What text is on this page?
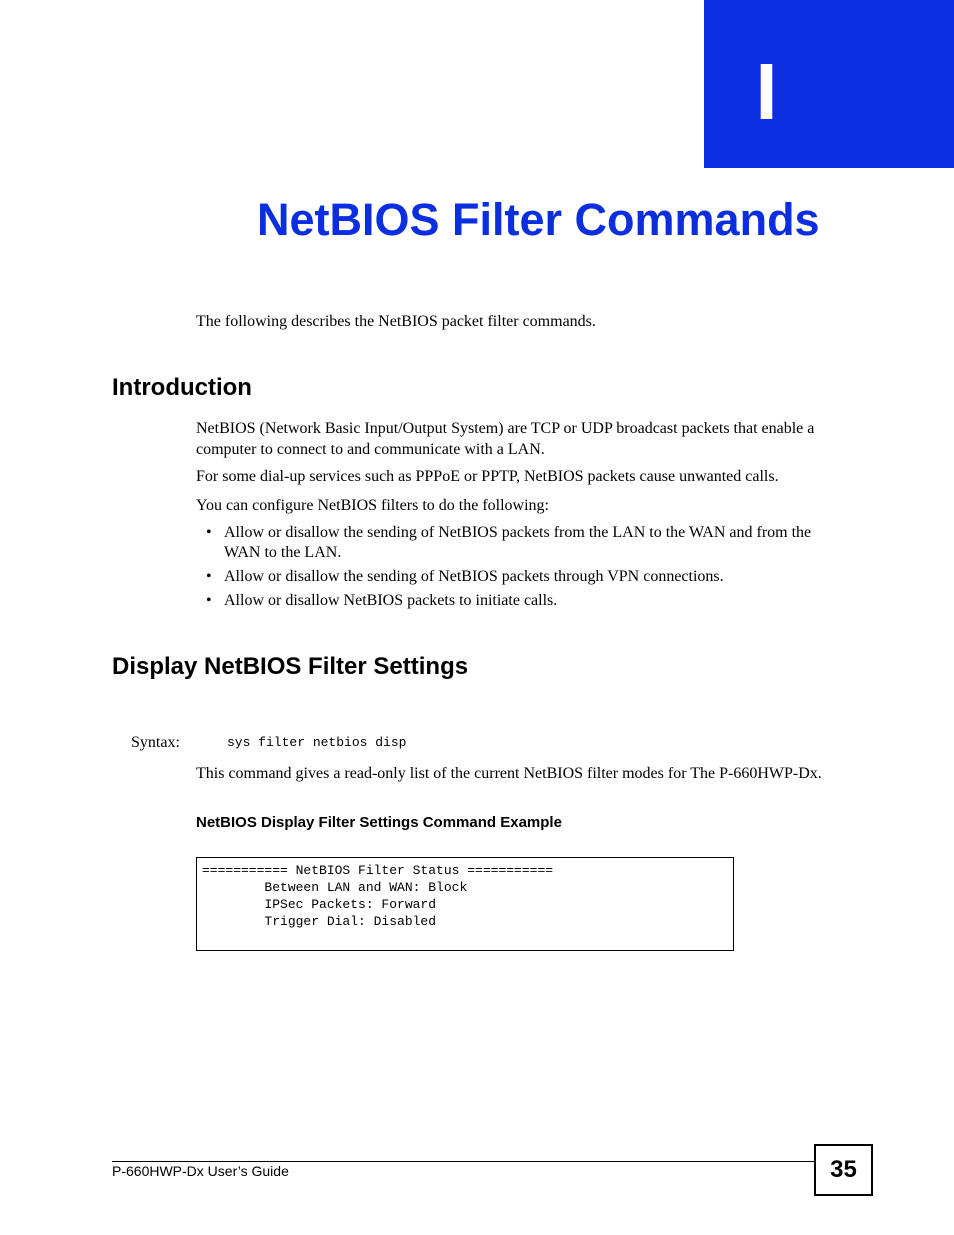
I
NetBIOS Filter Commands

The following describes the NetBIOS packet filter commands.

Introduction

NetBIOS (Network Basic Input/Output System) are TCP or UDP broadcast packets that enable a computer to connect to and communicate with a LAN.

For some dial-up services such as PPPoE or PPTP, NetBIOS packets cause unwanted calls.

You can configure NetBIOS filters to do the following:

• Allow or disallow the sending of NetBIOS packets from the LAN to the WAN and from the WAN to the LAN.
• Allow or disallow the sending of NetBIOS packets through VPN connections.
• Allow or disallow NetBIOS packets to initiate calls.
Display NetBIOS Filter Settings
Syntax:	sys filter netbios disp

This command gives a read-only list of the current NetBIOS filter modes for The P-660HWP-Dx.

NetBIOS Display Filter Settings Command Example
=========== NetBIOS Filter Status ===========
Between LAN and WAN: Block
IPSec Packets: Forward
Trigger Dial: Disabled
P-660HWP-Dx User’s Guide	35
